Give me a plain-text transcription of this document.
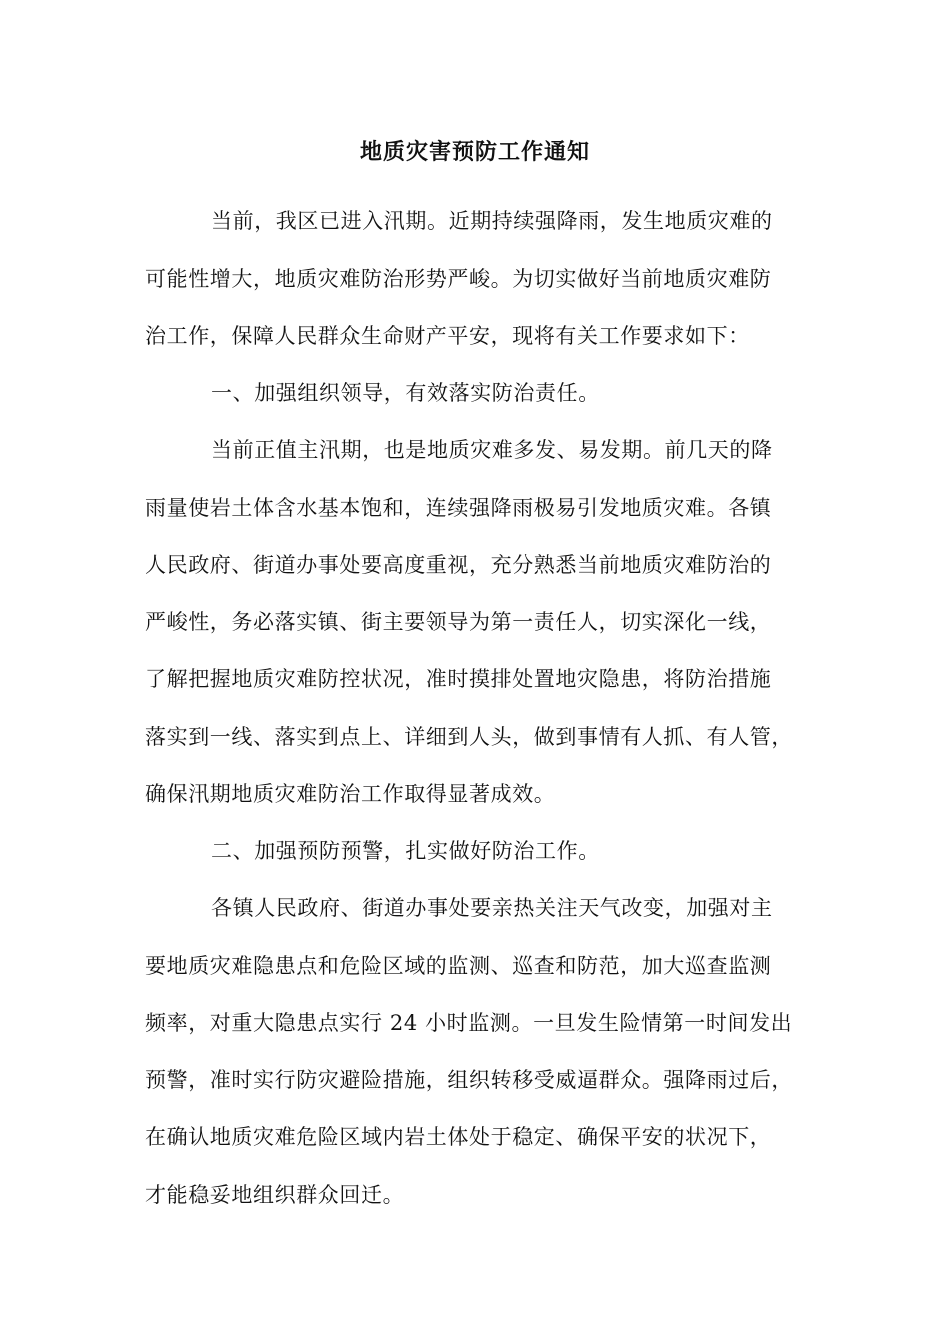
地质灾害预防工作通知
当前，我区已进入汛期。近期持续强降雨，发生地质灾难的
可能性增大，地质灾难防治形势严峻。为切实做好当前地质灾难防
治工作，保障人民群众生命财产平安，现将有关工作要求如下：
一、加强组织领导，有效落实防治责任。
当前正值主汛期，也是地质灾难多发、易发期。前几天的降
雨量使岩土体含水基本饱和，连续强降雨极易引发地质灾难。各镇
人民政府、街道办事处要高度重视，充分熟悉当前地质灾难防治的
严峻性，务必落实镇、街主要领导为第一责任人，切实深化一线，
了解把握地质灾难防控状况，准时摸排处置地灾隐患，将防治措施
落实到一线、落实到点上、详细到人头，做到事情有人抓、有人管，
确保汛期地质灾难防治工作取得显著成效。
二、加强预防预警，扎实做好防治工作。
各镇人民政府、街道办事处要亲热关注天气改变，加强对主
要地质灾难隐患点和危险区域的监测、巡查和防范，加大巡查监测
频率，对重大隐患点实行 24 小时监测。一旦发生险情第一时间发出
预警，准时实行防灾避险措施，组织转移受威逼群众。强降雨过后，
在确认地质灾难危险区域内岩土体处于稳定、确保平安的状况下，
才能稳妥地组织群众回迁。
